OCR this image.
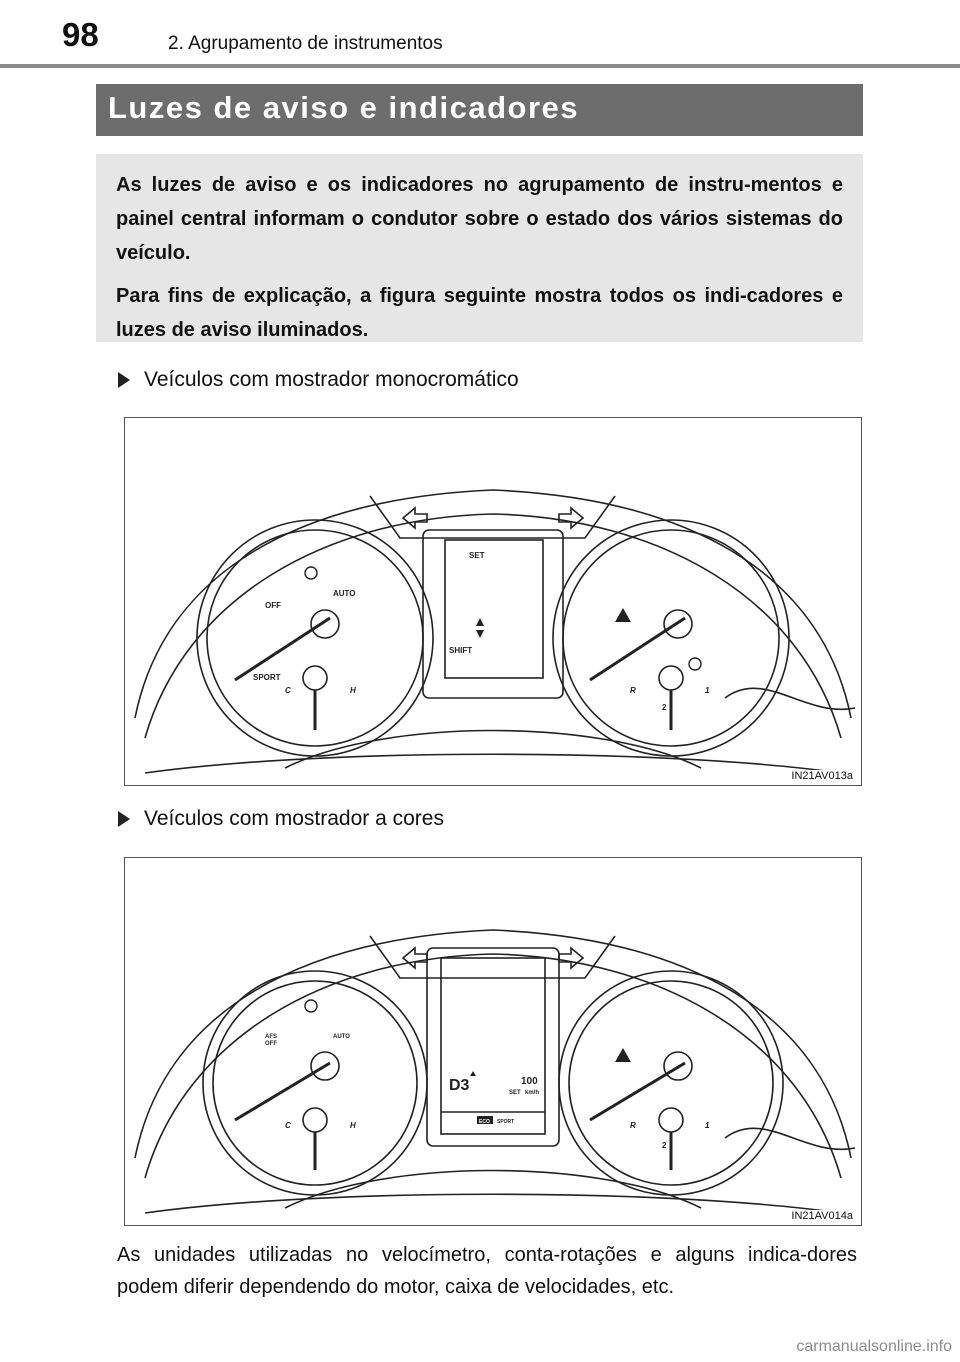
98	2. Agrupamento de instrumentos
Luzes de aviso e indicadores

As luzes de aviso e os indicadores no agrupamento de instru-mentos e painel central informam o condutor sobre o estado dos vários sistemas do veículo.

Para fins de explicação, a figura seguinte mostra todos os indi-cadores e luzes de aviso iluminados.

Veículos com mostrador monocromático
SET
SHIFT
SPORT
C	H	R	1
2
OFF
AUTO
IN21AV013a
Veículos com mostrador a cores
D3	100
SET km/h
ECO SPORT
AFS
OFF
AUTO
C	H	R	1
2
IN21AV014a
As unidades utilizadas no velocímetro, conta-rotações e alguns indica-dores podem diferir dependendo do motor, caixa de velocidades, etc.
carmanualsonline.info
